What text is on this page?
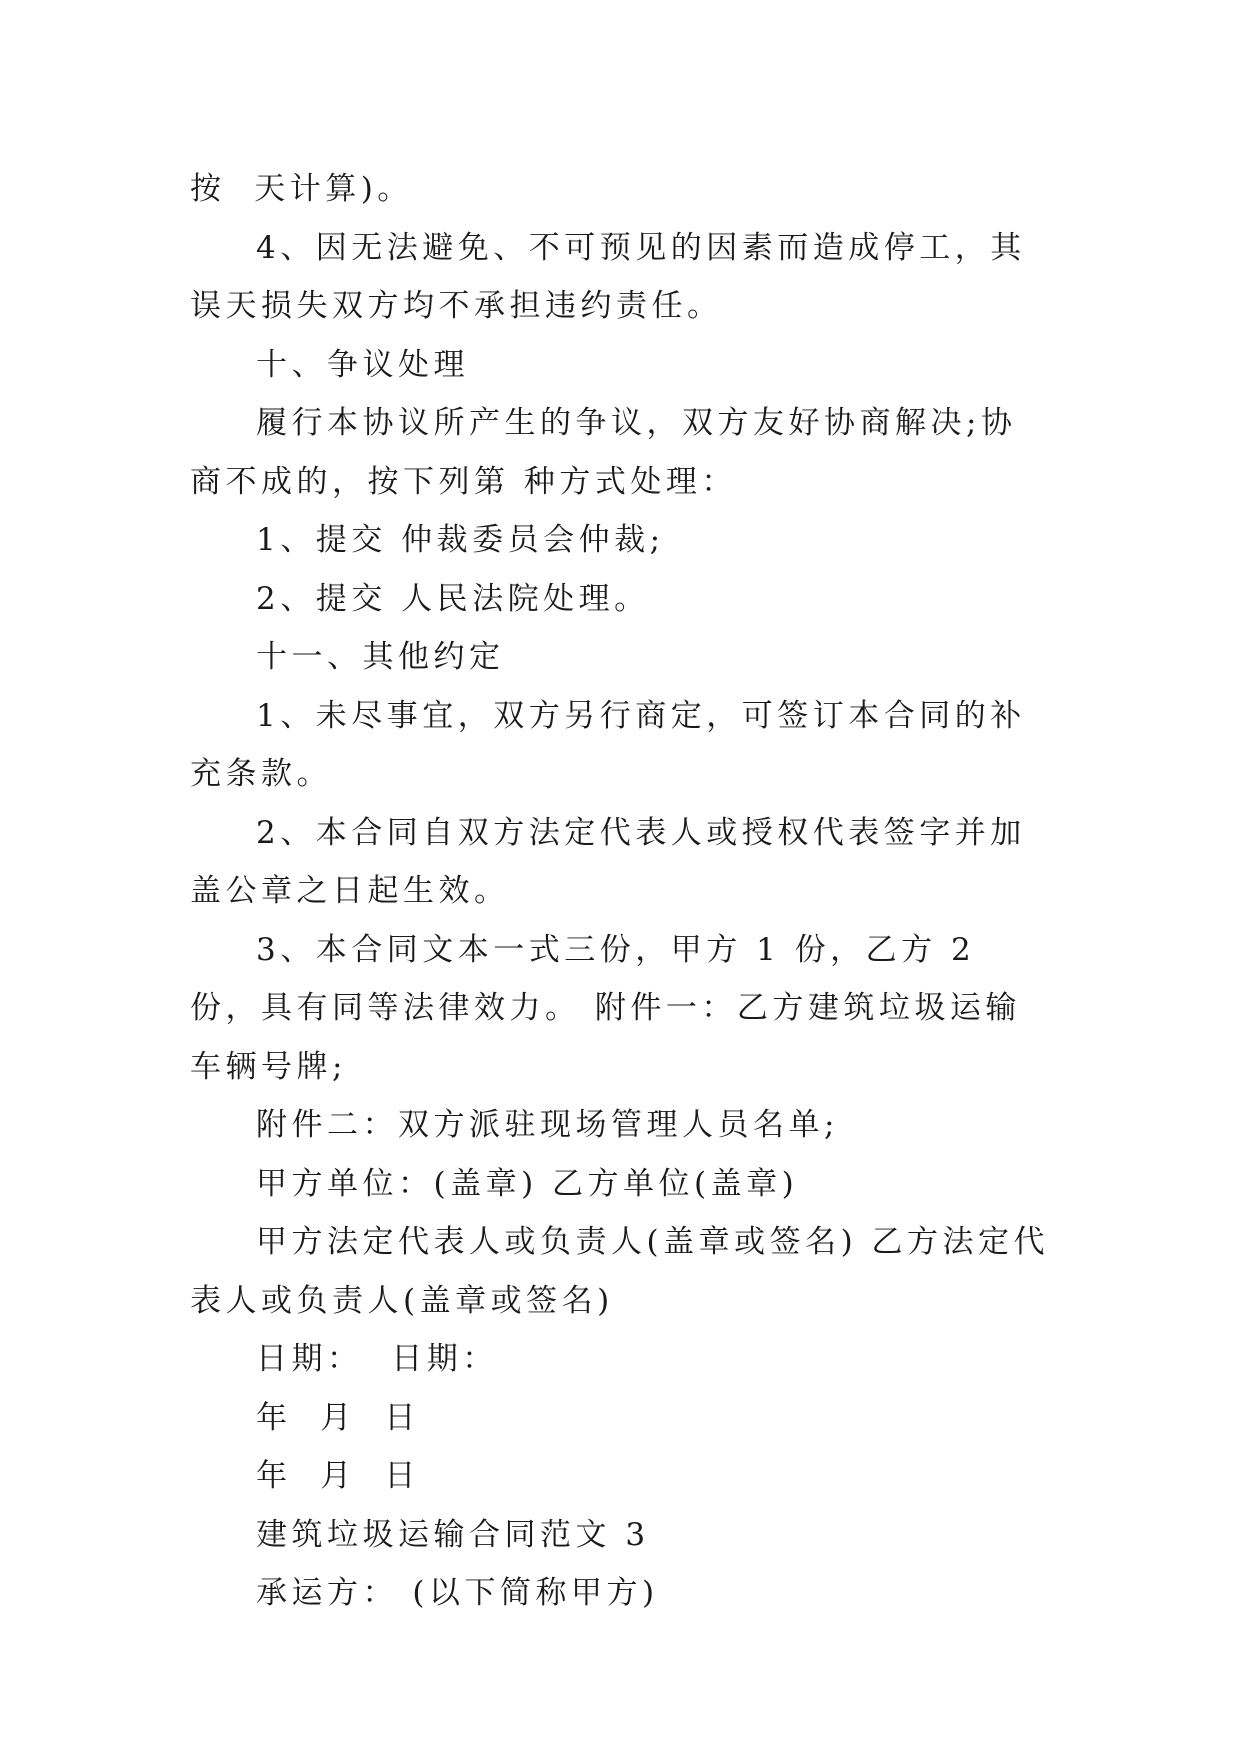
按  天计算)。

4、因无法避免、不可预见的因素而造成停工，其误天损失双方均不承担违约责任。

十、争议处理

履行本协议所产生的争议，双方友好协商解决;协商不成的，按下列第 种方式处理：

1、提交 仲裁委员会仲裁;

2、提交 人民法院处理。

十一、其他约定

1、未尽事宜，双方另行商定，可签订本合同的补充条款。

2、本合同自双方法定代表人或授权代表签字并加盖公章之日起生效。

3、本合同文本一式三份，甲方 1 份，乙方 2 份，具有同等法律效力。 附件一：乙方建筑垃圾运输车辆号牌;

附件二：双方派驻现场管理人员名单;

甲方单位：(盖章) 乙方单位(盖章)

甲方法定代表人或负责人(盖章或签名) 乙方法定代表人或负责人(盖章或签名)

日期：  日期：

年  月  日

年  月  日

建筑垃圾运输合同范文 3

承运方： (以下简称甲方)
